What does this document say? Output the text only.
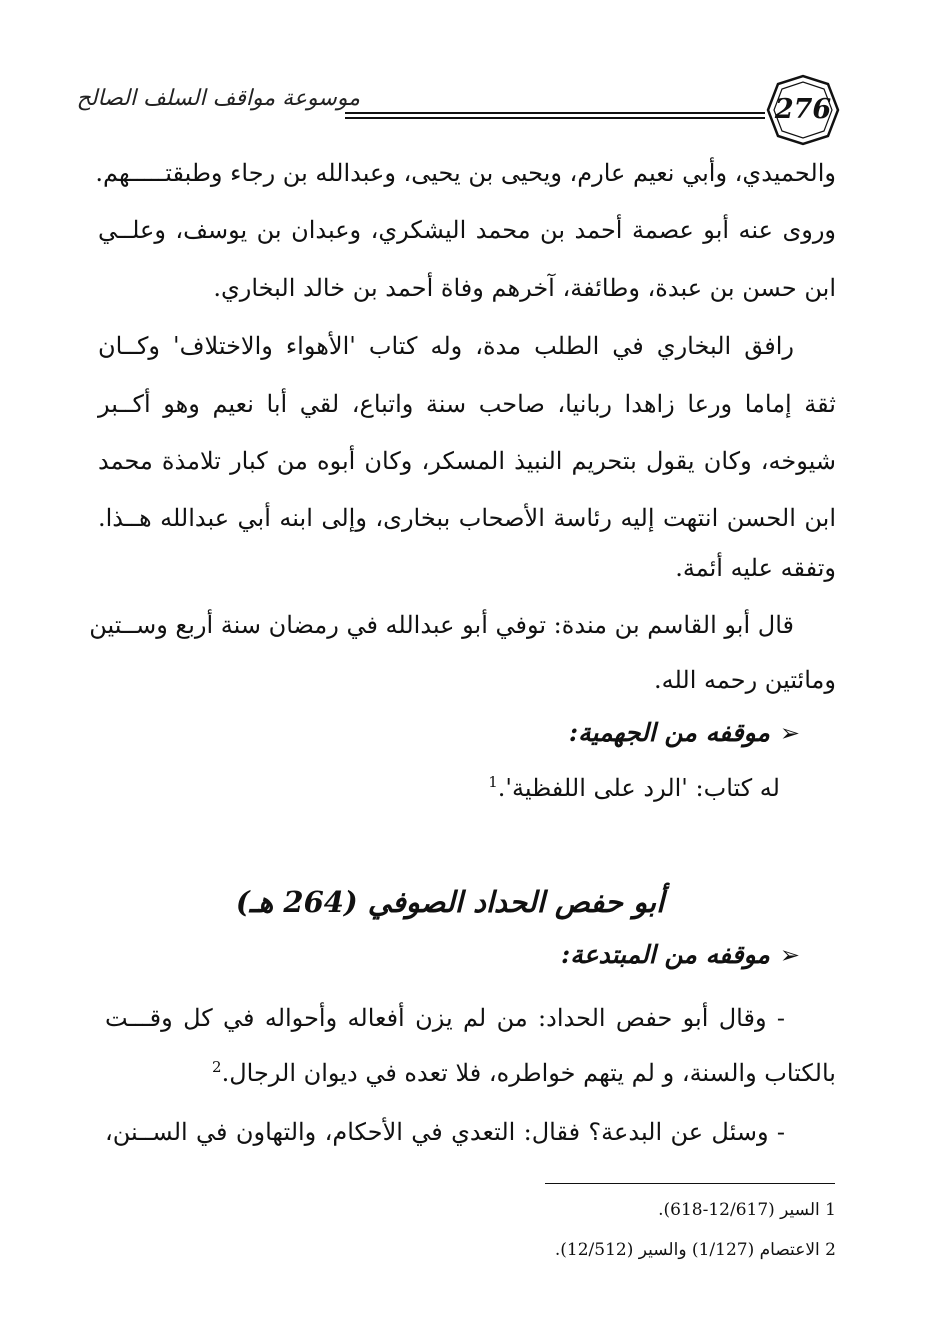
موسوعة مواقف السلف الصالح	276
والحميدي، وأبي نعيم عارم، ويحيى بن يحيى، وعبدالله بن رجاء وطبقتـــــهم.
وروى عنه أبو عصمة أحمد بن محمد اليشكري، وعبدان بن يوسف، وعلــي
ابن حسن بن عبدة، وطائفة، آخرهم وفاة أحمد بن خالد البخاري.
رافق البخاري في الطلب مدة، وله كتاب 'الأهواء والاختلاف' وكــان
ثقة إماما ورعا زاهدا ربانيا، صاحب سنة واتباع، لقي أبا نعيم وهو أكــبر
شيوخه، وكان يقول بتحريم النبيذ المسكر، وكان أبوه من كبار تلامذة محمد
ابن الحسن انتهت إليه رئاسة الأصحاب ببخارى، وإلى ابنه أبي عبدالله هــذا.
وتفقه عليه أئمة.
قال أبو القاسم بن مندة: توفي أبو عبدالله في رمضان سنة أربع وســتين
ومائتين رحمه الله.
➢موقفه من الجهمية:
له كتاب: 'الرد على اللفظية'.$^1$
أبو حفص الحداد الصوفي (264 هـ)
➢موقفه من المبتدعة:
- وقال أبو حفص الحداد: من لم يزن أفعاله وأحواله في كل وقـــت
بالكتاب والسنة، و لم يتهم خواطره، فلا تعده في ديوان الرجال.$^2$
- وسئل عن البدعة؟ فقال: التعدي في الأحكام، والتهاون في الســنن،
1 السير (12/617-618).
2 الاعتصام (1/127) والسير (12/512).
